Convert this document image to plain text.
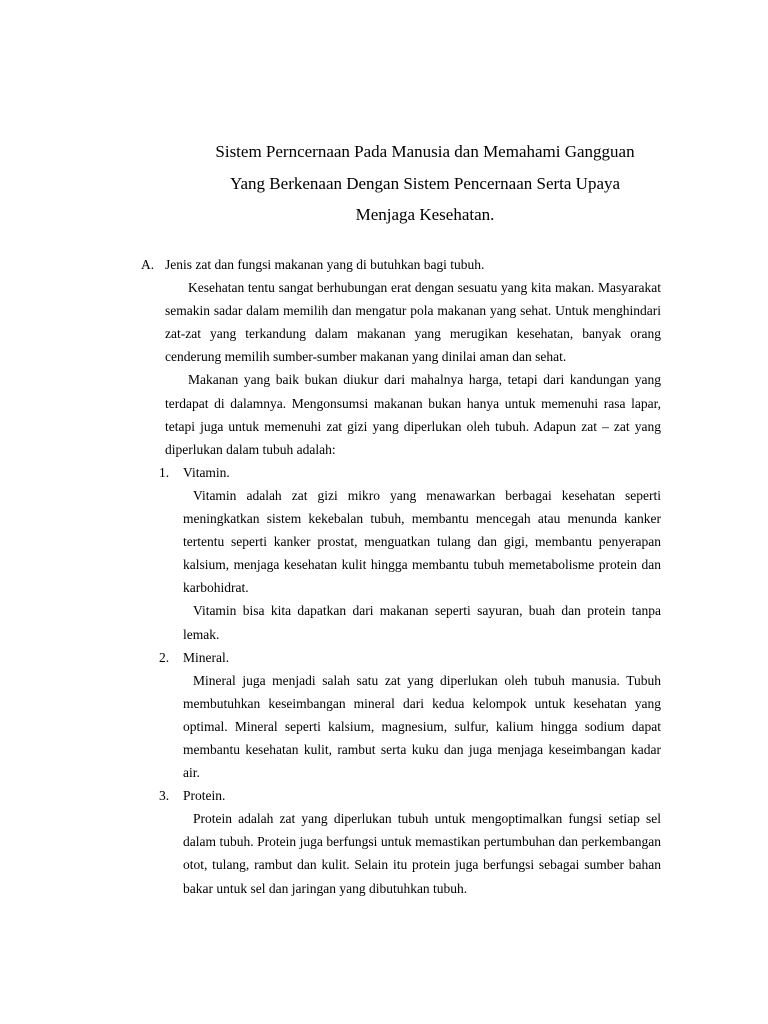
Sistem Perncernaan Pada Manusia dan Memahami Gangguan
Yang Berkenaan Dengan Sistem Pencernaan Serta Upaya
Menjaga Kesehatan.
A. Jenis zat dan fungsi makanan yang di butuhkan bagi tubuh.

Kesehatan tentu sangat berhubungan erat dengan sesuatu yang kita makan. Masyarakat semakin sadar dalam memilih dan mengatur pola makanan yang sehat. Untuk menghindari zat-zat yang terkandung dalam makanan yang merugikan kesehatan, banyak orang cenderung memilih sumber-sumber makanan yang dinilai aman dan sehat.

Makanan yang baik bukan diukur dari mahalnya harga, tetapi dari kandungan yang terdapat di dalamnya. Mengonsumsi makanan bukan hanya untuk memenuhi rasa lapar, tetapi juga untuk memenuhi zat gizi yang diperlukan oleh tubuh. Adapun zat – zat yang diperlukan dalam tubuh adalah:

1. Vitamin.

Vitamin adalah zat gizi mikro yang menawarkan berbagai kesehatan seperti meningkatkan sistem kekebalan tubuh, membantu mencegah atau menunda kanker tertentu seperti kanker prostat, menguatkan tulang dan gigi, membantu penyerapan kalsium, menjaga kesehatan kulit hingga membantu tubuh memetabolisme protein dan karbohidrat.

Vitamin bisa kita dapatkan dari makanan seperti sayuran, buah dan protein tanpa lemak.

2. Mineral.

Mineral juga menjadi salah satu zat yang diperlukan oleh tubuh manusia. Tubuh membutuhkan keseimbangan mineral dari kedua kelompok untuk kesehatan yang optimal. Mineral seperti kalsium, magnesium, sulfur, kalium hingga sodium dapat membantu kesehatan kulit, rambut serta kuku dan juga menjaga keseimbangan kadar air.

3. Protein.

Protein adalah zat yang diperlukan tubuh untuk mengoptimalkan fungsi setiap sel dalam tubuh. Protein juga berfungsi untuk memastikan pertumbuhan dan perkembangan otot, tulang, rambut dan kulit. Selain itu protein juga berfungsi sebagai sumber bahan bakar untuk sel dan jaringan yang dibutuhkan tubuh.
